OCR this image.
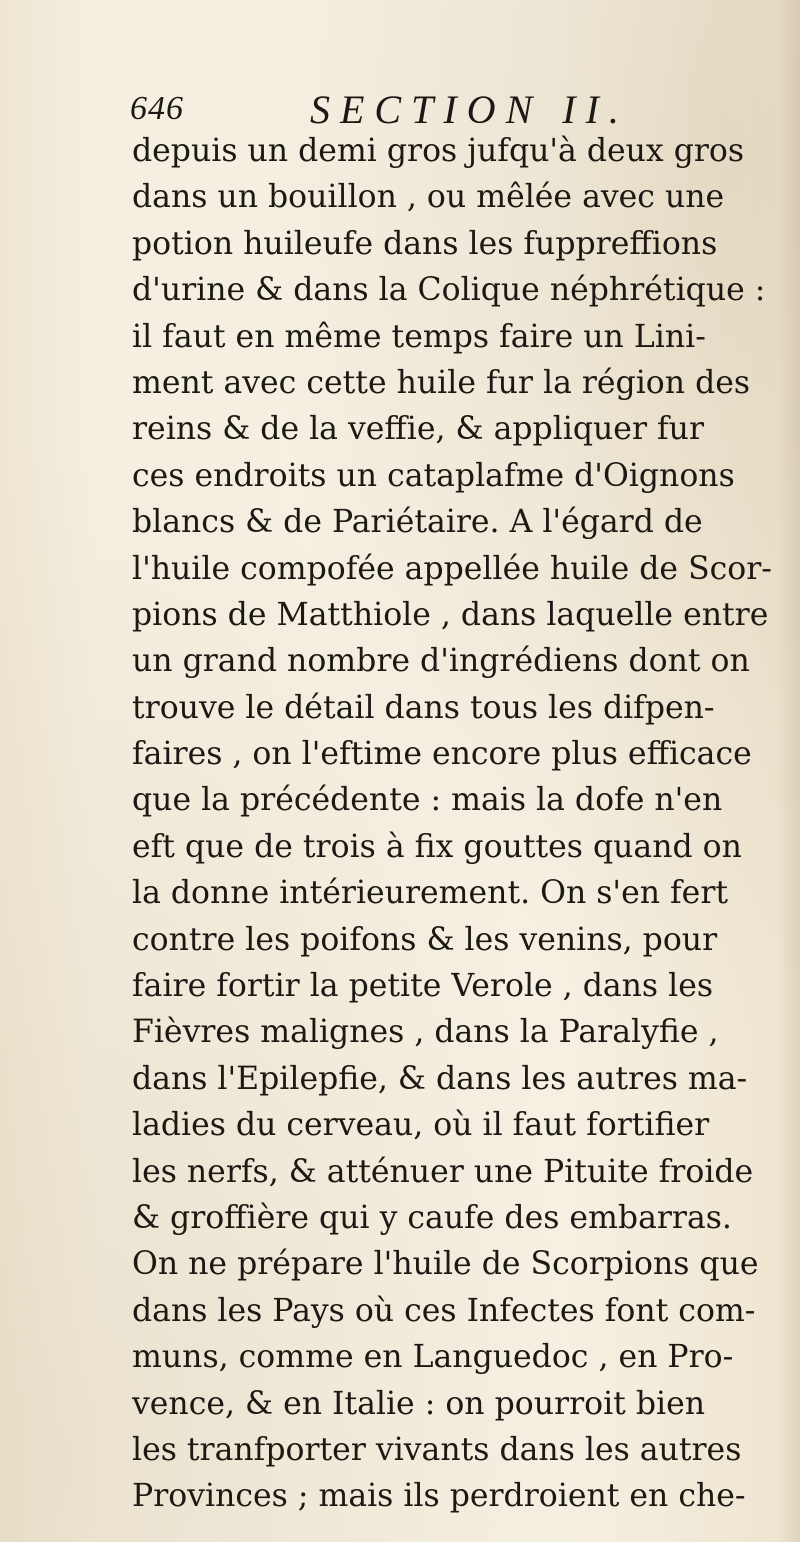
646	SECTION II.
depuis un demi gros jufqu'à deux gros
dans un bouillon , ou mêlée avec une
potion huileufe dans les fuppreffions
d'urine & dans la Colique néphrétique :
il faut en même temps faire un Lini-
ment avec cette huile fur la région des
reins & de la veffie, & appliquer fur
ces endroits un cataplafme d'Oignons
blancs & de Pariétaire. A l'égard de
l'huile compofée appellée huile de Scor-
pions de Matthiole , dans laquelle entre
un grand nombre d'ingrédiens dont on
trouve le détail dans tous les difpen-
faires , on l'eftime encore plus efficace
que la précédente : mais la dofe n'en
eft que de trois à fix gouttes quand on
la donne intérieurement. On s'en fert
contre les poifons & les venins, pour
faire fortir la petite Verole , dans les
Fièvres malignes , dans la Paralyfie ,
dans l'Epilepfie, & dans les autres ma-
ladies du cerveau, où il faut fortifier
les nerfs, & atténuer une Pituite froide
& groffière qui y caufe des embarras.
On ne prépare l'huile de Scorpions que
dans les Pays où ces Infectes font com-
muns, comme en Languedoc , en Pro-
vence, & en Italie : on pourroit bien
les tranfporter vivants dans les autres
Provinces ; mais ils perdroient en che-
